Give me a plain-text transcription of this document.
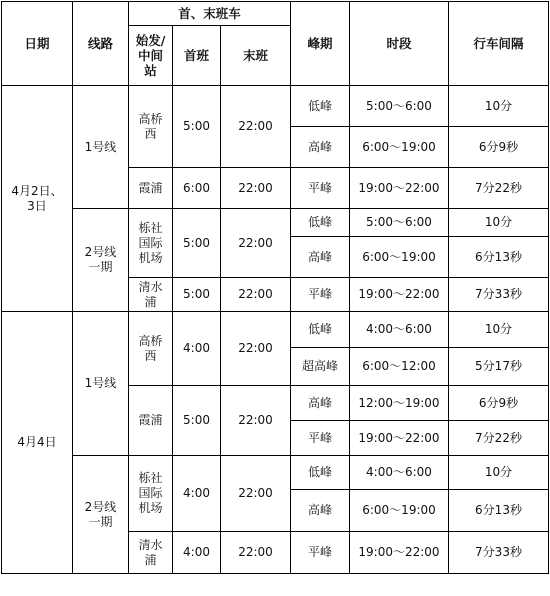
日期	线路	首、末班车			峰期	时段	行车间隔
		始发/中间站	首班	末班			

4月2日、3日	1号线	高桥西	5:00	22:00	低峰	5:00～6:00	10分
					高峰	6:00～19:00	6分9秒
		霞浦	6:00	22:00	平峰	19:00～22:00	7分22秒
	2号线一期	栎社国际机场	5:00	22:00	低峰	5:00～6:00	10分
					高峰	6:00～19:00	6分13秒
		清水浦	5:00	22:00	平峰	19:00～22:00	7分33秒
4月4日	1号线	高桥西	4:00	22:00	低峰	4:00～6:00	10分
					超高峰	6:00～12:00	5分17秒
		霞浦	5:00	22:00	高峰	12:00～19:00	6分9秒
					平峰	19:00～22:00	7分22秒
	2号线一期	栎社国际机场	4:00	22:00	低峰	4:00～6:00	10分
					高峰	6:00～19:00	6分13秒
		清水浦	4:00	22:00	平峰	19:00～22:00	7分33秒
